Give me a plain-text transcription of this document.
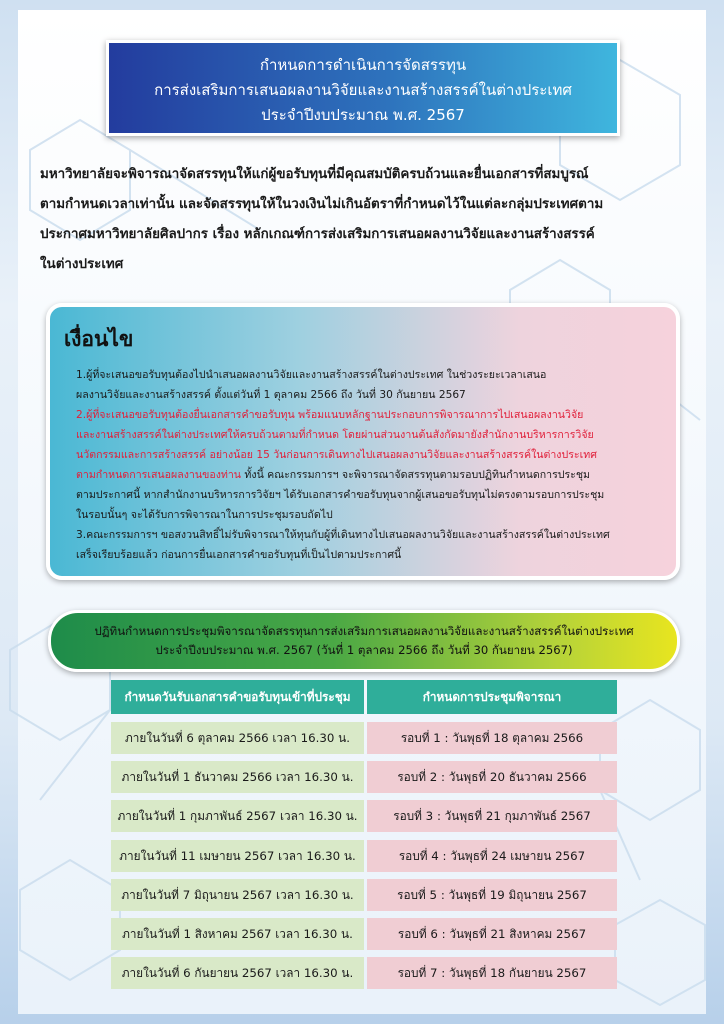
กำหนดการดำเนินการจัดสรรทุน
การส่งเสริมการเสนอผลงานวิจัยและงานสร้างสรรค์ในต่างประเทศ
ประจำปีงบประมาณ พ.ศ. 2567
มหาวิทยาลัยจะพิจารณาจัดสรรทุนให้แก่ผู้ขอรับทุนที่มีคุณสมบัติครบถ้วนและยื่นเอกสารที่สมบูรณ์
ตามกำหนดเวลาเท่านั้น และจัดสรรทุนให้ในวงเงินไม่เกินอัตราที่กำหนดไว้ในแต่ละกลุ่มประเทศตาม
ประกาศมหาวิทยาลัยศิลปากร เรื่อง หลักเกณฑ์การส่งเสริมการเสนอผลงานวิจัยและงานสร้างสรรค์
ในต่างประเทศ
เงื่อนไข

1.ผู้ที่จะเสนอขอรับทุนต้องไปนำเสนอผลงานวิจัยและงานสร้างสรรค์ในต่างประเทศ ในช่วงระยะเวลาเสนอ

ผลงานวิจัยและงานสร้างสรรค์ ตั้งแต่วันที่ 1 ตุลาคม 2566 ถึง วันที่ 30 กันยายน 2567

2.ผู้ที่จะเสนอขอรับทุนต้องยื่นเอกสารคำขอรับทุน พร้อมแนบหลักฐานประกอบการพิจารณาการไปเสนอผลงานวิจัย

และงานสร้างสรรค์ในต่างประเทศให้ครบถ้วนตามที่กำหนด โดยผ่านส่วนงานต้นสังกัดมายังสำนักงานบริหารการวิจัย

นวัตกรรมและการสร้างสรรค์ อย่างน้อย 15 วันก่อนการเดินทางไปเสนอผลงานวิจัยและงานสร้างสรรค์ในต่างประเทศ

ตามกำหนดการเสนอผลงานของท่าน ทั้งนี้ คณะกรรมการฯ จะพิจารณาจัดสรรทุนตามรอบปฏิทินกำหนดการประชุม

ตามประกาศนี้ หากสำนักงานบริหารการวิจัยฯ ได้รับเอกสารคำขอรับทุนจากผู้เสนอขอรับทุนไม่ตรงตามรอบการประชุม

ในรอบนั้นๆ จะได้รับการพิจารณาในการประชุมรอบถัดไป

3.คณะกรรมการฯ ขอสงวนสิทธิ์ไม่รับพิจารณาให้ทุนกับผู้ที่เดินทางไปเสนอผลงานวิจัยและงานสร้างสรรค์ในต่างประเทศ

เสร็จเรียบร้อยแล้ว ก่อนการยื่นเอกสารคำขอรับทุนที่เป็นไปตามประกาศนี้

ปฏิทินกำหนดการประชุมพิจารณาจัดสรรทุนการส่งเสริมการเสนอผลงานวิจัยและงานสร้างสรรค์ในต่างประเทศ
ประจำปีงบประมาณ พ.ศ. 2567 (วันที่ 1 ตุลาคม 2566 ถึง วันที่ 30 กันยายน 2567)
กำหนดวันรับเอกสารคำขอรับทุนเข้าที่ประชุม	กำหนดการประชุมพิจารณา
ภายในวันที่ 6 ตุลาคม 2566 เวลา 16.30 น.	รอบที่ 1 : วันพุธที่ 18 ตุลาคม 2566
ภายในวันที่ 1 ธันวาคม 2566 เวลา 16.30 น.	รอบที่ 2 : วันพุธที่ 20 ธันวาคม 2566
ภายในวันที่ 1 กุมภาพันธ์ 2567 เวลา 16.30 น.	รอบที่ 3 : วันพุธที่ 21 กุมภาพันธ์ 2567
ภายในวันที่ 11 เมษายน 2567 เวลา 16.30 น.	รอบที่ 4 : วันพุธที่ 24 เมษายน 2567
ภายในวันที่ 7 มิถุนายน 2567 เวลา 16.30 น.	รอบที่ 5 : วันพุธที่ 19 มิถุนายน 2567
ภายในวันที่ 1 สิงหาคม 2567 เวลา 16.30 น.	รอบที่ 6 : วันพุธที่ 21 สิงหาคม 2567
ภายในวันที่ 6 กันยายน 2567 เวลา 16.30 น.	รอบที่ 7 : วันพุธที่ 18 กันยายน 2567
